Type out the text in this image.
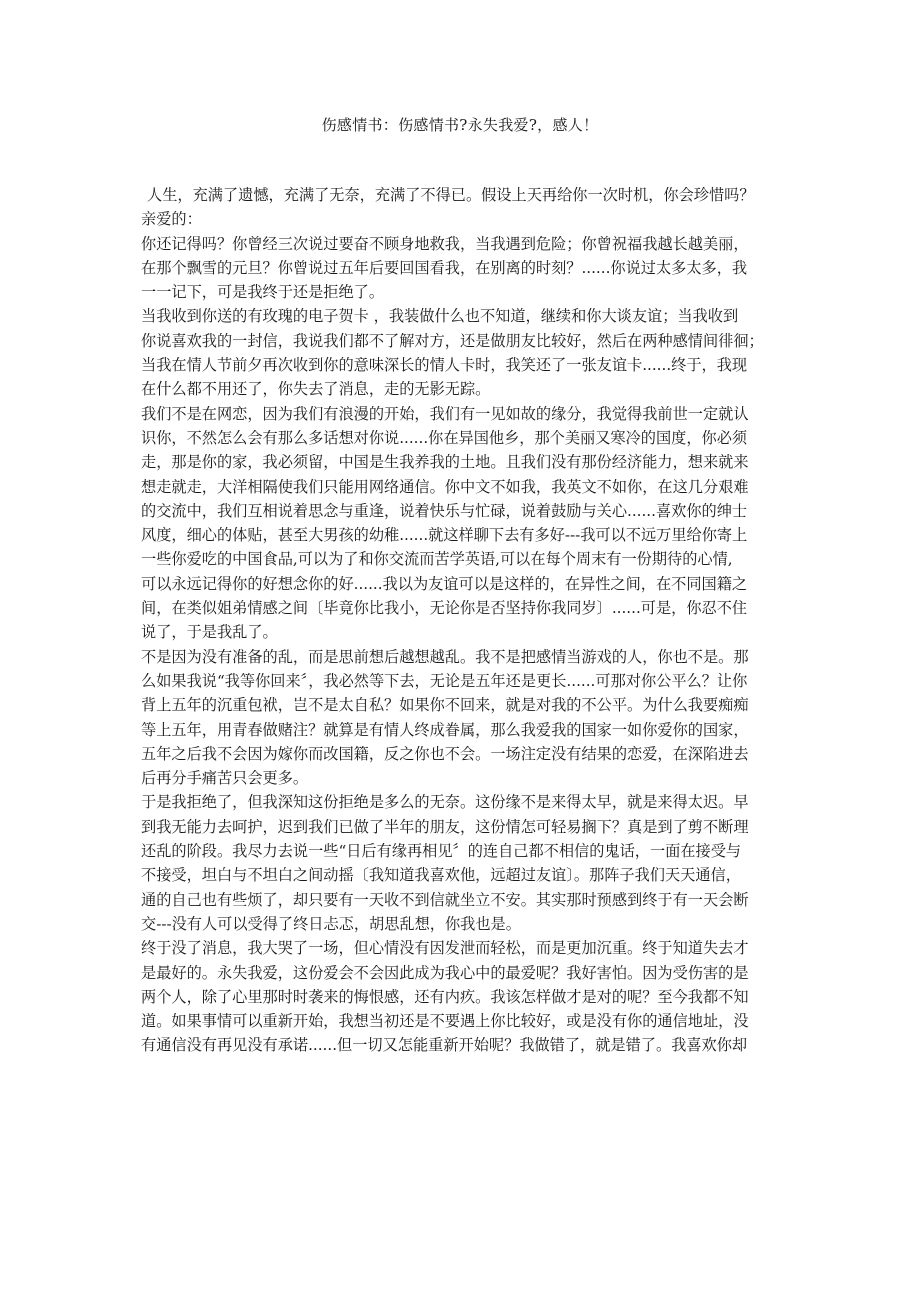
伤感情书：伤感情书?永失我爱?，感人！
人生，充满了遗憾，充满了无奈，充满了不得已。假设上天再给你一次时机，你会珍惜吗？
亲爱的：
你还记得吗？你曾经三次说过要奋不顾身地救我，当我遇到危险；你曾祝福我越长越美丽，
在那个飘雪的元旦？你曾说过五年后要回国看我，在别离的时刻？......你说过太多太多，我
一一记下，可是我终于还是拒绝了。
当我收到你送的有玫瑰的电子贺卡 ，我装做什么也不知道，继续和你大谈友谊；当我收到
你说喜欢我的一封信，我说我们都不了解对方，还是做朋友比较好，然后在两种感情间徘徊；
当我在情人节前夕再次收到你的意味深长的情人卡时，我笑还了一张友谊卡......终于，我现
在什么都不用还了，你失去了消息，走的无影无踪。
我们不是在网恋，因为我们有浪漫的开始，我们有一见如故的缘分，我觉得我前世一定就认
识你，不然怎么会有那么多话想对你说......你在异国他乡，那个美丽又寒冷的国度，你必须
走，那是你的家，我必须留，中国是生我养我的土地。且我们没有那份经济能力，想来就来
想走就走，大洋相隔使我们只能用网络通信。你中文不如我，我英文不如你，在这几分艰难
的交流中，我们互相说着思念与重逢，说着快乐与忙碌，说着鼓励与关心......喜欢你的绅士
风度，细心的体贴，甚至大男孩的幼稚......就这样聊下去有多好---我可以不远万里给你寄上
一些你爱吃的中国食品,可以为了和你交流而苦学英语,可以在每个周末有一份期待的心情,
可以永远记得你的好想念你的好......我以为友谊可以是这样的，在异性之间，在不同国籍之
间，在类似姐弟情感之间〔毕竟你比我小，无论你是否坚持你我同岁〕......可是，你忍不住
说了，于是我乱了。
不是因为没有准备的乱，而是思前想后越想越乱。我不是把感情当游戏的人，你也不是。那
么如果我说“我等你回来〞，我必然等下去，无论是五年还是更长......可那对你公平么？让你
背上五年的沉重包袱，岂不是太自私？如果你不回来，就是对我的不公平。为什么我要痴痴
等上五年，用青春做赌注？就算是有情人终成眷属，那么我爱我的国家一如你爱你的国家，
五年之后我不会因为嫁你而改国籍，反之你也不会。一场注定没有结果的恋爱，在深陷进去
后再分手痛苦只会更多。
于是我拒绝了，但我深知这份拒绝是多么的无奈。这份缘不是来得太早，就是来得太迟。早
到我无能力去呵护，迟到我们已做了半年的朋友，这份情怎可轻易搁下？真是到了剪不断理
还乱的阶段。我尽力去说一些“日后有缘再相见〞的连自己都不相信的鬼话，一面在接受与
不接受，坦白与不坦白之间动摇〔我知道我喜欢他，远超过友谊〕。那阵子我们天天通信，
通的自己也有些烦了，却只要有一天收不到信就坐立不安。其实那时预感到终于有一天会断
交---没有人可以受得了终日忐忑，胡思乱想，你我也是。
终于没了消息，我大哭了一场，但心情没有因发泄而轻松，而是更加沉重。终于知道失去才
是最好的。永失我爱，这份爱会不会因此成为我心中的最爱呢？我好害怕。因为受伤害的是
两个人，除了心里那时时袭来的悔恨感，还有内疚。我该怎样做才是对的呢？至今我都不知
道。如果事情可以重新开始，我想当初还是不要遇上你比较好，或是没有你的通信地址，没
有通信没有再见没有承诺......但一切又怎能重新开始呢？我做错了，就是错了。我喜欢你却
